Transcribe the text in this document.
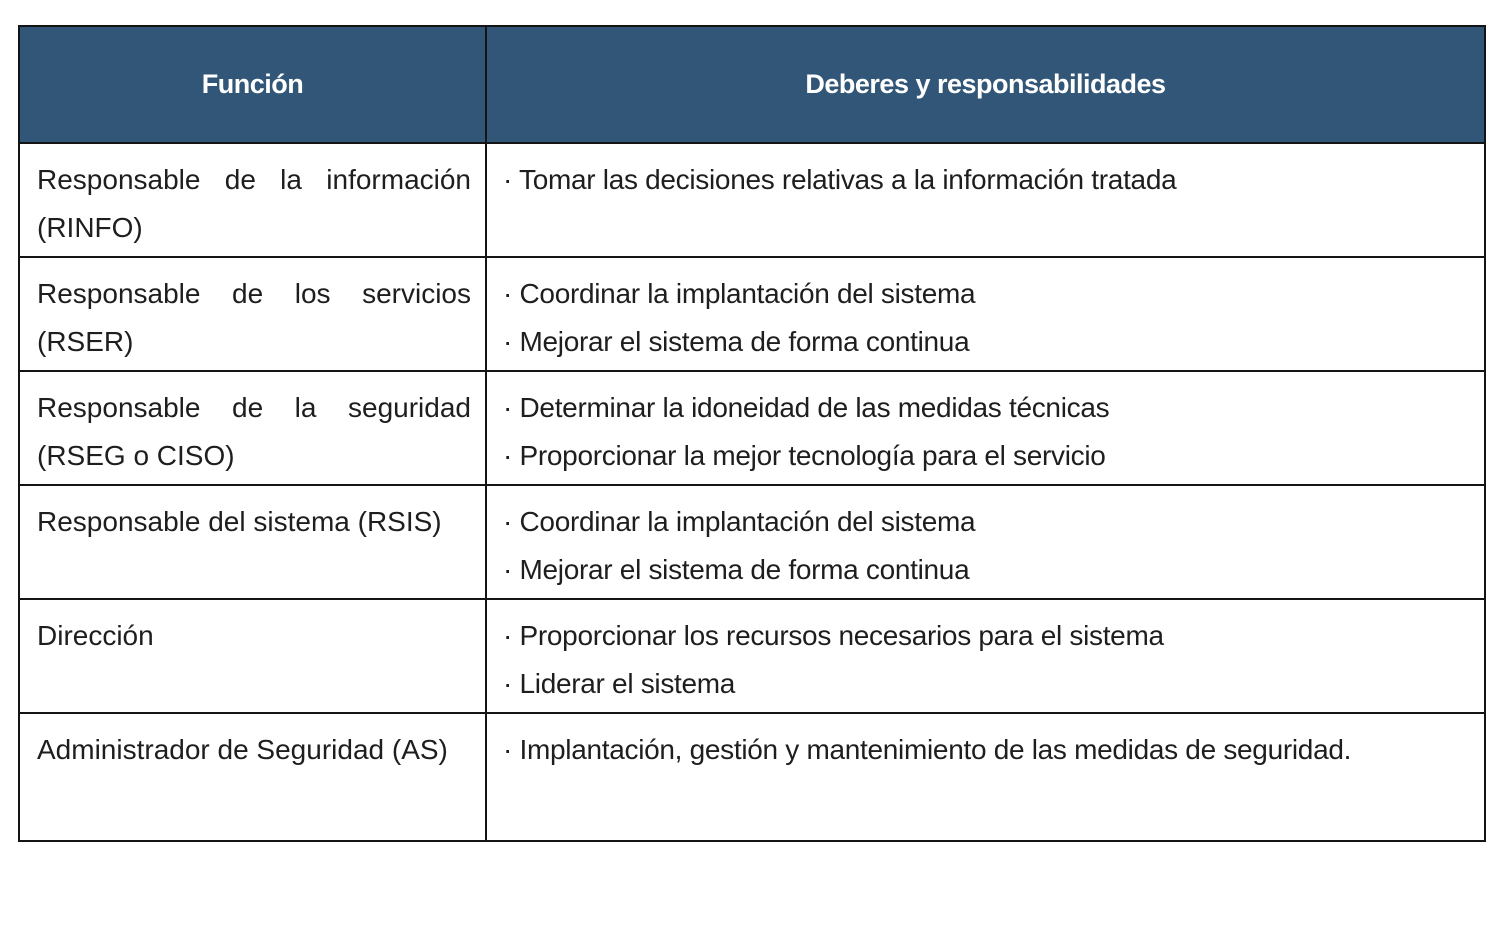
Función	Deberes y responsabilidades
Responsable de la información (RINFO)	· Tomar las decisiones relativas a la información tratada

Responsable de los servicios (RSER)	· Coordinar la implantación del sistema
· Mejorar el sistema de forma continua

Responsable de la seguridad (RSEG o CISO)	· Determinar la idoneidad de las medidas técnicas
· Proporcionar la mejor tecnología para el servicio

Responsable del sistema (RSIS)	· Coordinar la implantación del sistema
· Mejorar el sistema de forma continua

Dirección	· Proporcionar los recursos necesarios para el sistema
· Liderar el sistema

Administrador de Seguridad (AS)	· Implantación, gestión y mantenimiento de las medidas de seguridad.
